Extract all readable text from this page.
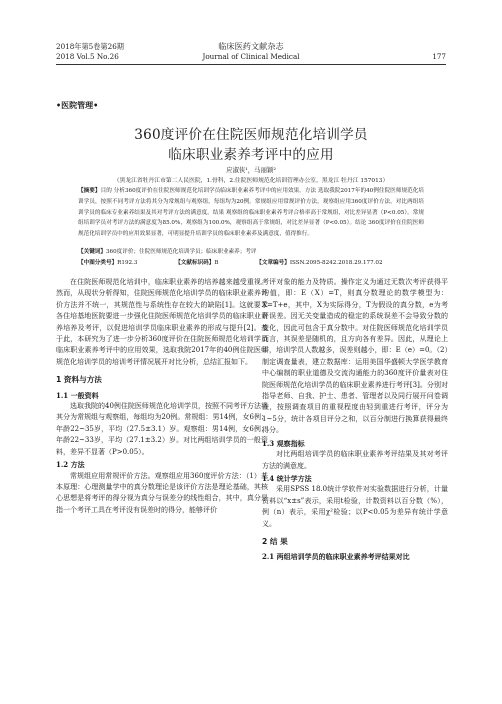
2018年第5卷第26期
2018 Vol.5 No.26
临床医药文献杂志
Journal of Clinical Medical	177
•医院管理•
360度评价在住院医师规范化培训学员
临床职业素养考评中的应用
应淑侠¹，马丽颖²
（黑龙江省牡丹江市第二人民医院，1.骨科，2.住院医师规范化培训管理办公室，黑龙江 牡丹江 157013）
【摘要】目的 分析360度评价在住院医师规范化培训学员临床职业素养考评中的应用效果。方法 选取我院2017年的40例住院医师规范化培训学员，按照不同考评方法将其分为常规组与观察组，每组均为20例。常规组应用常规评价方法，观察组应用360度评价方法，对比两组培训学员的临床专业素养结果及其对考评方法的满意度。结果 观察组的临床职业素养考评合格率高于常规组，对比差异显著（P<0.05）。常规组培训学员对考评方法的满意度为85.0%，观察组为100.0%，观察组高于常规组，对比差异显著（P<0.05）。结论 360度评价在住院医师规范化培训学员中的应用效果显著，可明显提升培训学员的临床职业素养及满意度，值得推行。
【关键词】360度评价；住院医师规范化培训学员；临床职业素养；考评
【中图分类号】R192.3	【文献标识码】B	【文章编号】ISSN.2095-8242.2018.29.177.02

在住院医师规范化培训中，临床职业素养的培养越来越受重视。然而，从现状分析得知，住院医师规范化培训学员的临床职业素养评价方法并不统一，其规范性与系统性存在较大的缺陷[1]。这就要求各住培基地医院要进一步强化住院医师规范化培训学员的临床职业素养培养及考评，以促进培训学员临床职业素养的形成与提升[2]。基于此，本研究为了进一步分析360度评价在住院医师规范化培训学员临床职业素养考评中的应用效果，选取我院2017年的40例住院医师规范化培训学员的培训考评情况展开对比分析，总结汇报如下。

1 资料与方法
1.1 一般资料

选取我院的40例住院医师规范化培训学员，按照不同考评方法将其分为常规组与观察组，每组均为20例。常规组：男14例，女6例；年龄22~35岁，平均（27.5±3.1）岁。观察组：男14例，女6例；年龄22~33岁，平均（27.1±3.2）岁。对比两组培训学员的一般资料，差异不显著（P>0.05）。

1.2 方法

常规组应用常规评价方法。观察组应用360度评价方法：（1）基本原理：心理测量学中的真分数理论是该评价方法是理论基础，其核心思想是将考评的得分视为真分与误差分的线性组合，其中，真分是指一个考评工具在考评没有误差时的得分，能够评价

考评对象的能力及特质。操作定义为通过无数次考评获得平均值，即：E（X）=T，则真分数理论的数学模型为：X=T+e，其中，X为实际得分，T为假设的真分数，e为考评误差。因无关变量造成的稳定的系统误差不会导致分数的变化，因此可包含于真分数中。对住院医师规范化培训学员而言，其误差是随机的，且方向各有差异。因此，从理论上讲，培训学员人数越多，误差则越小，即：E（e）=0。（2）制定调查量表，建立数据库：运用美国华盛顿大学医学教育中心编制的职业道德及交流沟通能力的360度评价量表对住院医师规范化培训学员的临床职业素养进行考评[3]。分别对指导老师、自我、护士、患者、管理者以及同行展开问卷调查，按照调查项目的重视程度由轻到重进行考评，评分为1~5分，统计各项目评分之和，以百分制进行换算获得最终得分。

1.3 观察指标

对比两组培训学员的临床职业素养考评结果及其对考评方法的满意度。

1.4 统计学方法

采用SPSS 18.0统计学软件对实验数据进行分析，计量资料以“x±s”表示，采用t检验，计数资料以百分数（%），例（n）表示，采用χ²检验；以P<0.05为差异有统计学意义。

2 结 果
2.1 两组培训学员的临床职业素养考评结果对比
